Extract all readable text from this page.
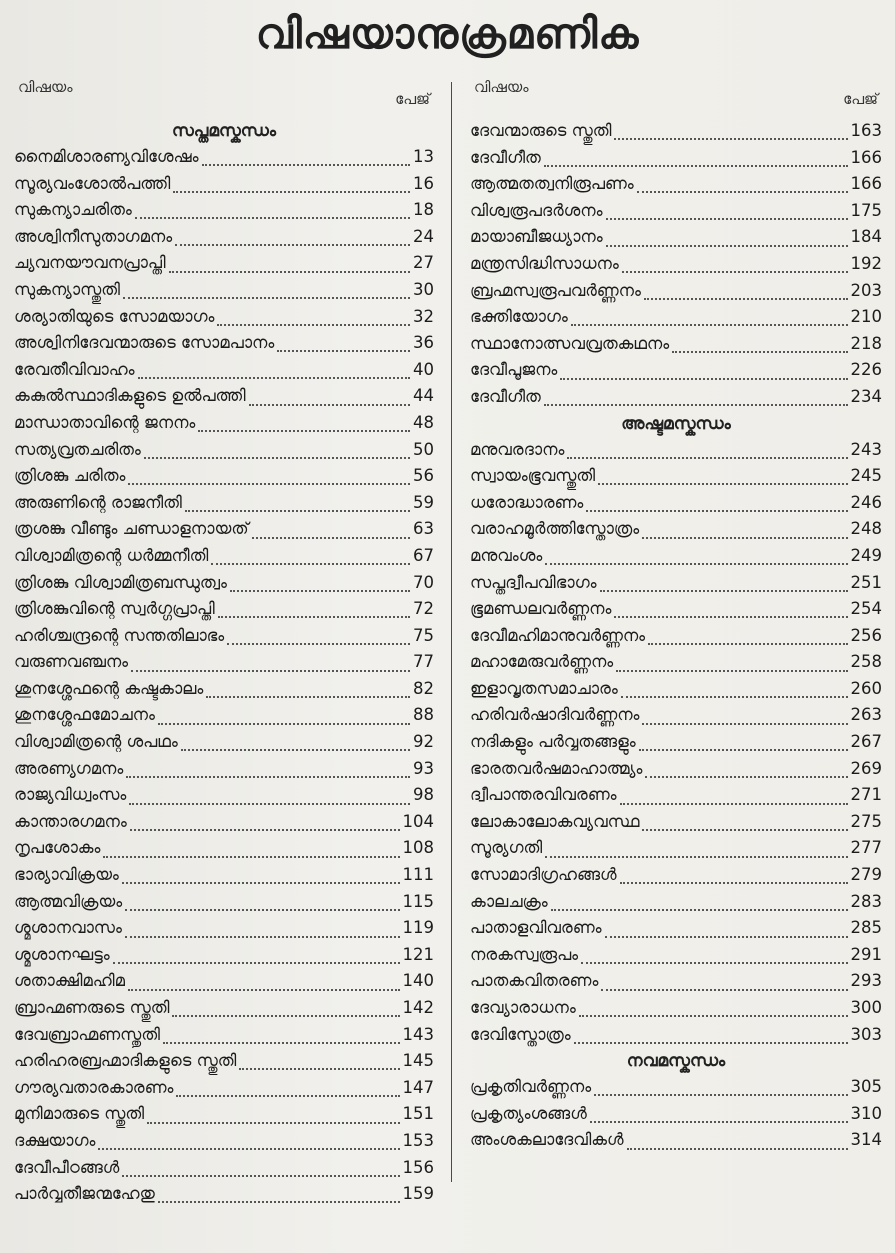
വിഷയാനുക്രമണിക
വിഷയം
പേജ്
സപ്തമസ്കന്ധം
നൈമിശാരണ്യവിശേഷം	13
സൂര്യവംശോൽപത്തി	16
സുകന്യാചരിതം	18
അശ്വിനീസുതാഗമനം	24
ച്യവനയൗവനപ്രാപ്തി	27
സുകന്യാസ്തുതി	30
ശര്യാതിയുടെ സോമയാഗം	32
അശ്വിനിദേവന്മാരുടെ സോമപാനം	36
രേവതീവിവാഹം	40
കകുൽസ്ഥാദികളുടെ ഉൽപത്തി	44
മാന്ധാതാവിന്റെ ജനനം	48
സത്യവ്രതചരിതം	50
ത്രിശങ്കു ചരിതം	56
അരുണിന്റെ രാജനീതി	59
ത്രശങ്കു വീണ്ടും ചണ്ഡാളനായത്	63
വിശ്വാമിത്രന്റെ ധർമ്മനീതി	67
ത്രിശങ്കു വിശ്വാമിത്രബന്ധുത്വം	70
ത്രിശങ്കുവിന്റെ സ്വർഗ്ഗപ്രാപ്തി	72
ഹരിശ്ചന്ദ്രന്റെ സന്തതിലാഭം	75
വരുണവഞ്ചനം	77
ശുനശ്ശേഫന്റെ കഷ്ടകാലം	82
ശുനശ്ശേഫമോചനം	88
വിശ്വാമിത്രന്റെ ശപഥം	92
അരണ്യഗമനം	93
രാജ്യവിധ്വംസം	98
കാന്താരഗമനം	104
നൃപശോകം	108
ഭാര്യാവിക്രയം	111
ആത്മവിക്രയം	115
ശ്മശാനവാസം	119
ശ്മശാനഘട്ടം	121
ശതാക്ഷിമഹിമ	140
ബ്രാഹ്മണരുടെ സ്തുതി	142
ദേവബ്രാഹ്മണസ്തുതി	143
ഹരിഹരബ്രഹ്മാദികളുടെ സ്തുതി	145
ഗൗര്യവതാരകാരണം	147
മുനിമാരുടെ സ്തുതി	151
ദക്ഷയാഗം	153
ദേവീപീഠങ്ങൾ	156
പാർവ്വതീജന്മഹേതു	159
വിഷയം
പേജ്
ദേവന്മാരുടെ സ്തുതി	163
ദേവീഗീത	166
ആത്മതത്വനിരൂപണം	166
വിശ്വരൂപദർശനം	175
മായാബീജധ്യാനം	184
മന്ത്രസിദ്ധിസാധനം	192
ബ്രഹ്മസ്വരൂപവർണ്ണനം	203
ഭക്തിയോഗം	210
സ്ഥാനോത്സവവ്രതകഥനം	218
ദേവീപൂജനം	226
ദേവീഗീത	234
അഷ്ടമസ്കന്ധം
മനുവരദാനം	243
സ്വായംഭൂവസ്തുതി	245
ധരോദ്ധാരണം	246
വരാഹമൂർത്തിസ്തോത്രം	248
മനുവംശം	249
സപ്തദ്വീപവിഭാഗം	251
ഭൂമണ്ഡലവർണ്ണനം	254
ദേവീമഹിമാനുവർണ്ണനം	256
മഹാമേരുവർണ്ണനം	258
ഇളാവൃതസമാചാരം	260
ഹരിവർഷാദിവർണ്ണനം	263
നദികളും പർവ്വതങ്ങളും	267
ഭാരതവർഷമാഹാത്മ്യം	269
ദ്വീപാന്തരവിവരണം	271
ലോകാലോകവ്യവസ്ഥ	275
സൂര്യഗതി	277
സോമാദിഗ്രഹങ്ങൾ	279
കാലചക്രം	283
പാതാളവിവരണം	285
നരകസ്വരൂപം	291
പാതകവിതരണം	293
ദേവ്യാരാധനം	300
ദേവിസ്തോത്രം	303
നവമസ്കന്ധം
പ്രകൃതിവർണ്ണനം	305
പ്രകൃത്യംശങ്ങൾ	310
അംശകലാദേവികൾ	314
